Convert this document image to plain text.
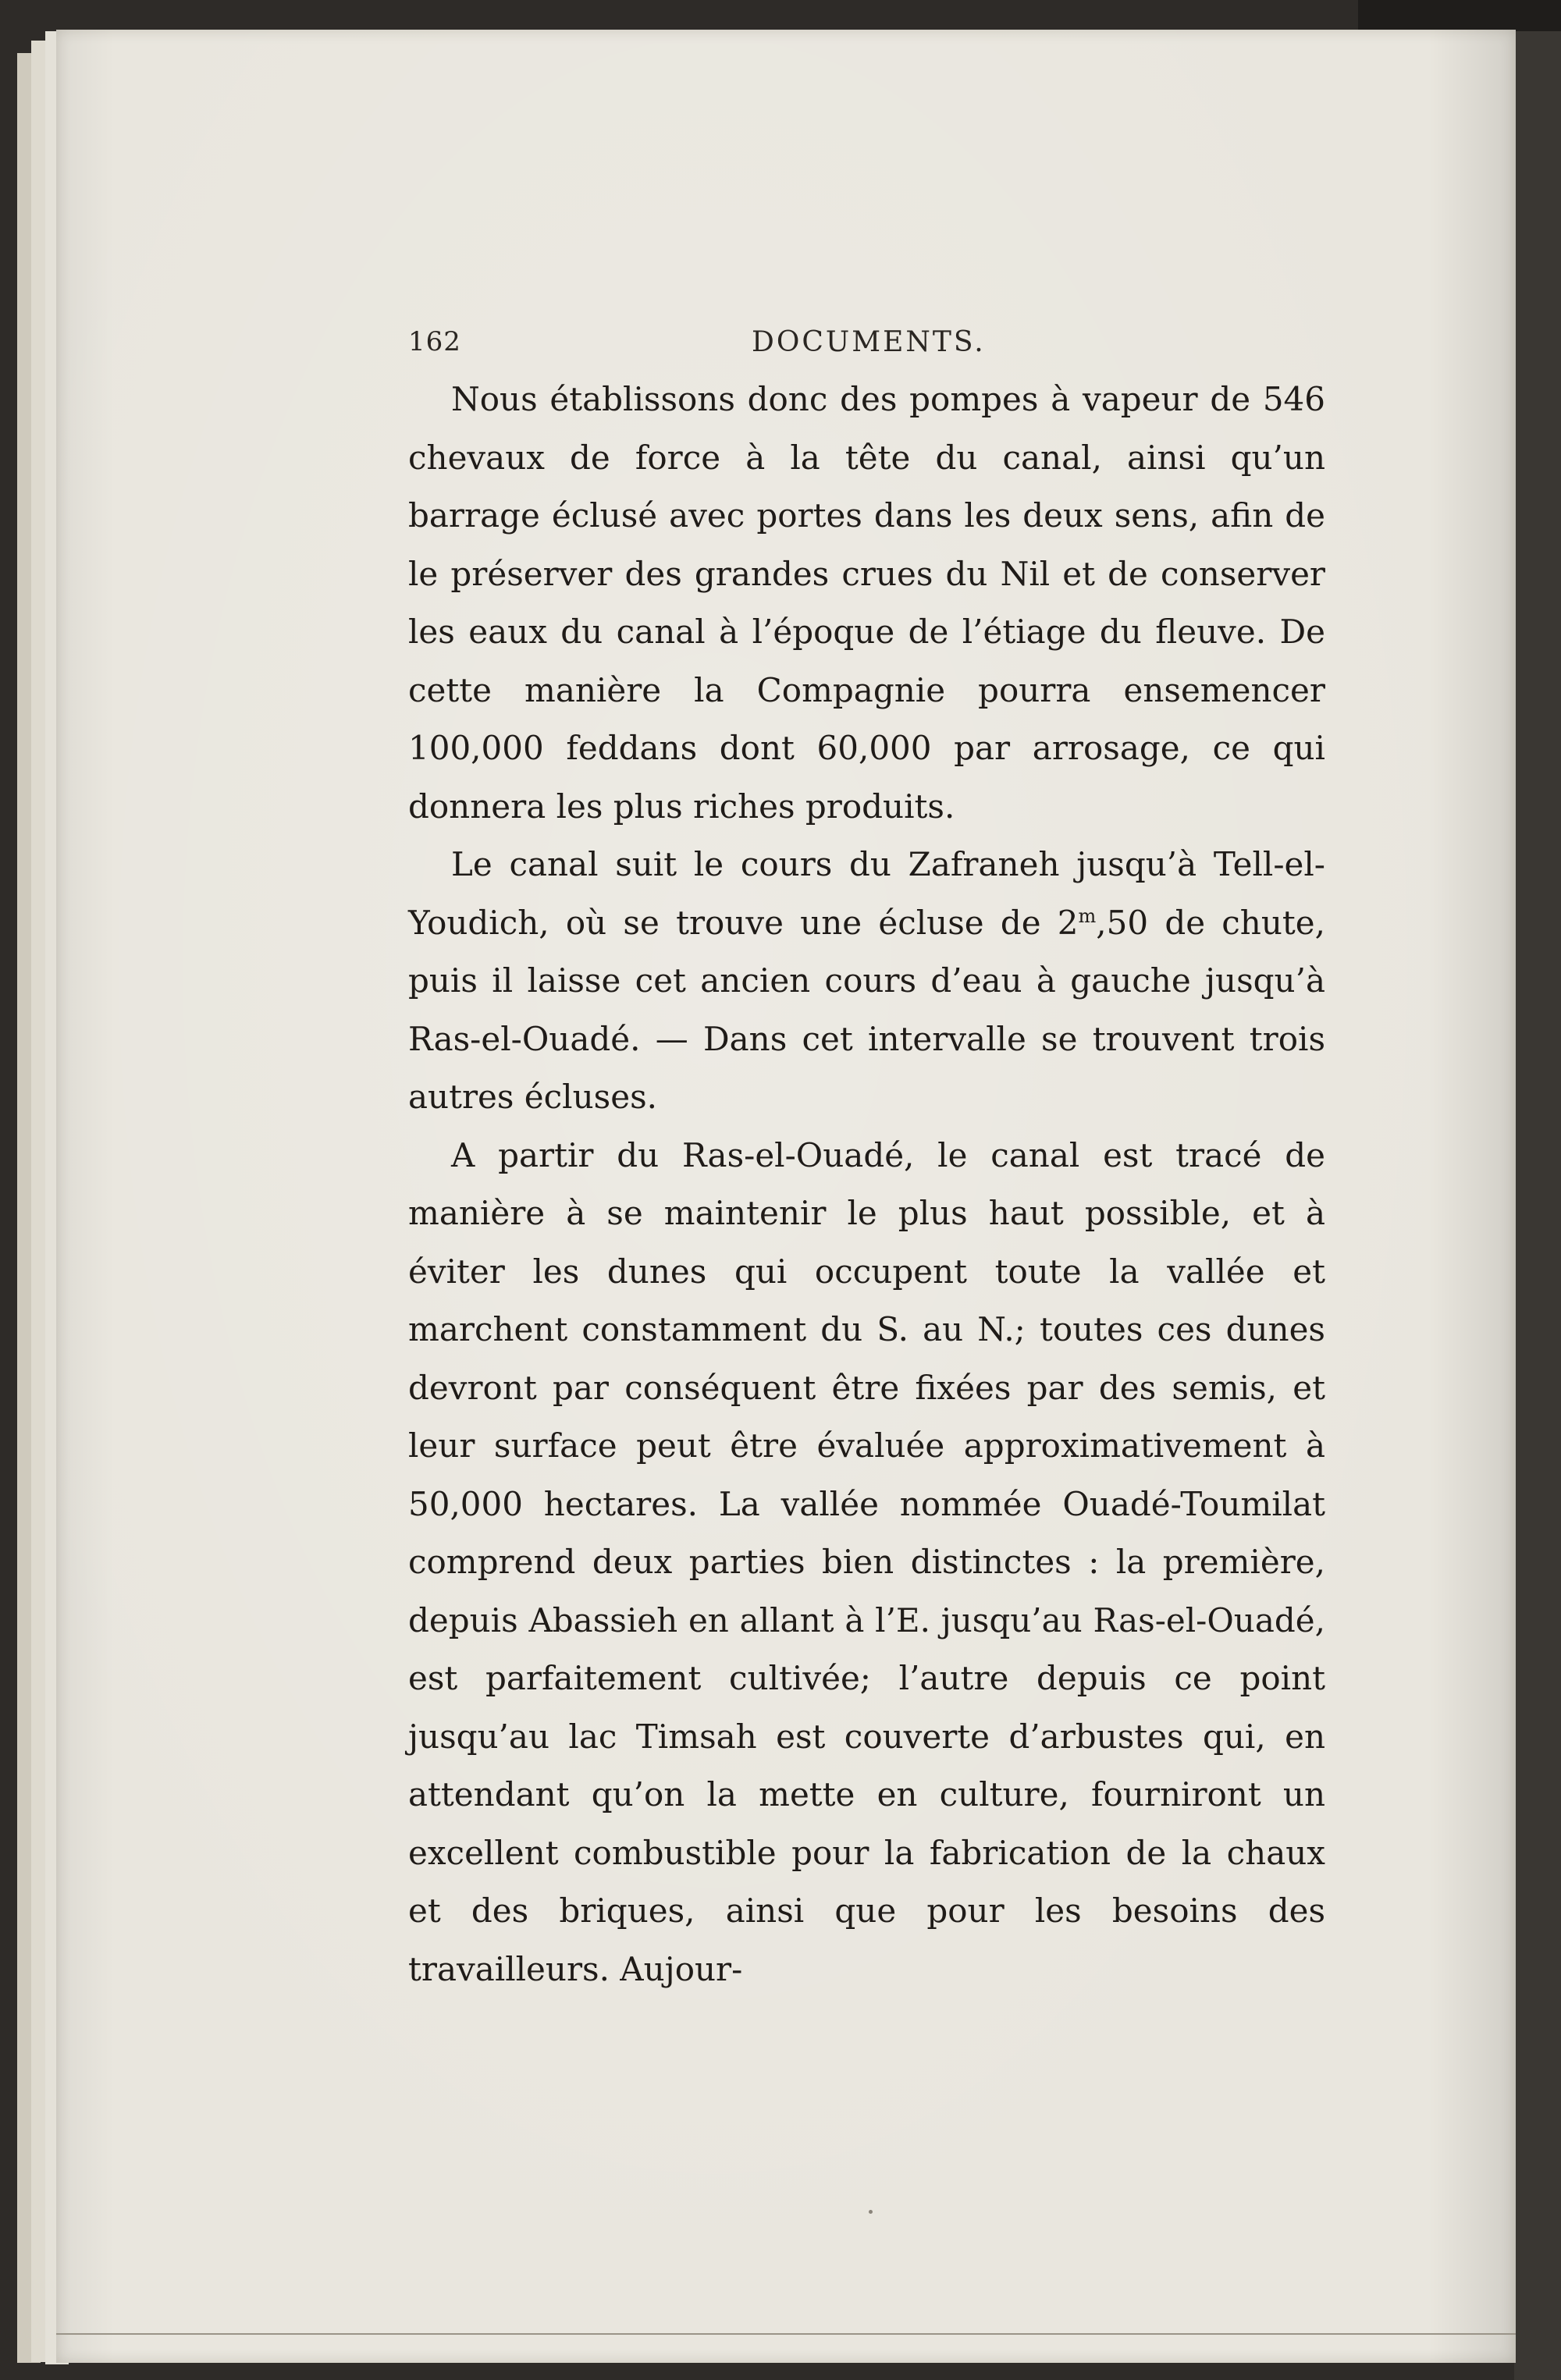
162	DOCUMENTS.

Nous établissons donc des pompes à vapeur de 546 chevaux de force à la tête du canal, ainsi qu’un barrage éclusé avec portes dans les deux sens, afin de le préserver des grandes crues du Nil et de conserver les eaux du canal à l’époque de l’étiage du fleuve. De cette manière la Compagnie pourra ensemencer 100,000 feddans dont 60,000 par arrosage, ce qui donnera les plus riches produits.

Le canal suit le cours du Zafraneh jusqu’à Tell-el-Youdich, où se trouve une écluse de 2$^m$,50 de chute, puis il laisse cet ancien cours d’eau à gauche jusqu’à Ras-el-Ouadé. — Dans cet intervalle se trouvent trois autres écluses.

A partir du Ras-el-Ouadé, le canal est tracé de manière à se maintenir le plus haut possible, et à éviter les dunes qui occupent toute la vallée et marchent constamment du S. au N.; toutes ces dunes devront par conséquent être fixées par des semis, et leur surface peut être évaluée approximativement à 50,000 hectares. La vallée nommée Ouadé-Toumilat comprend deux parties bien distinctes : la première, depuis Abassieh en allant à l’E. jusqu’au Ras-el-Ouadé, est parfaitement cultivée; l’autre depuis ce point jusqu’au lac Timsah est couverte d’arbustes qui, en attendant qu’on la mette en culture, fourniront un excellent combustible pour la fabrication de la chaux et des briques, ainsi que pour les besoins des travailleurs. Aujour-
